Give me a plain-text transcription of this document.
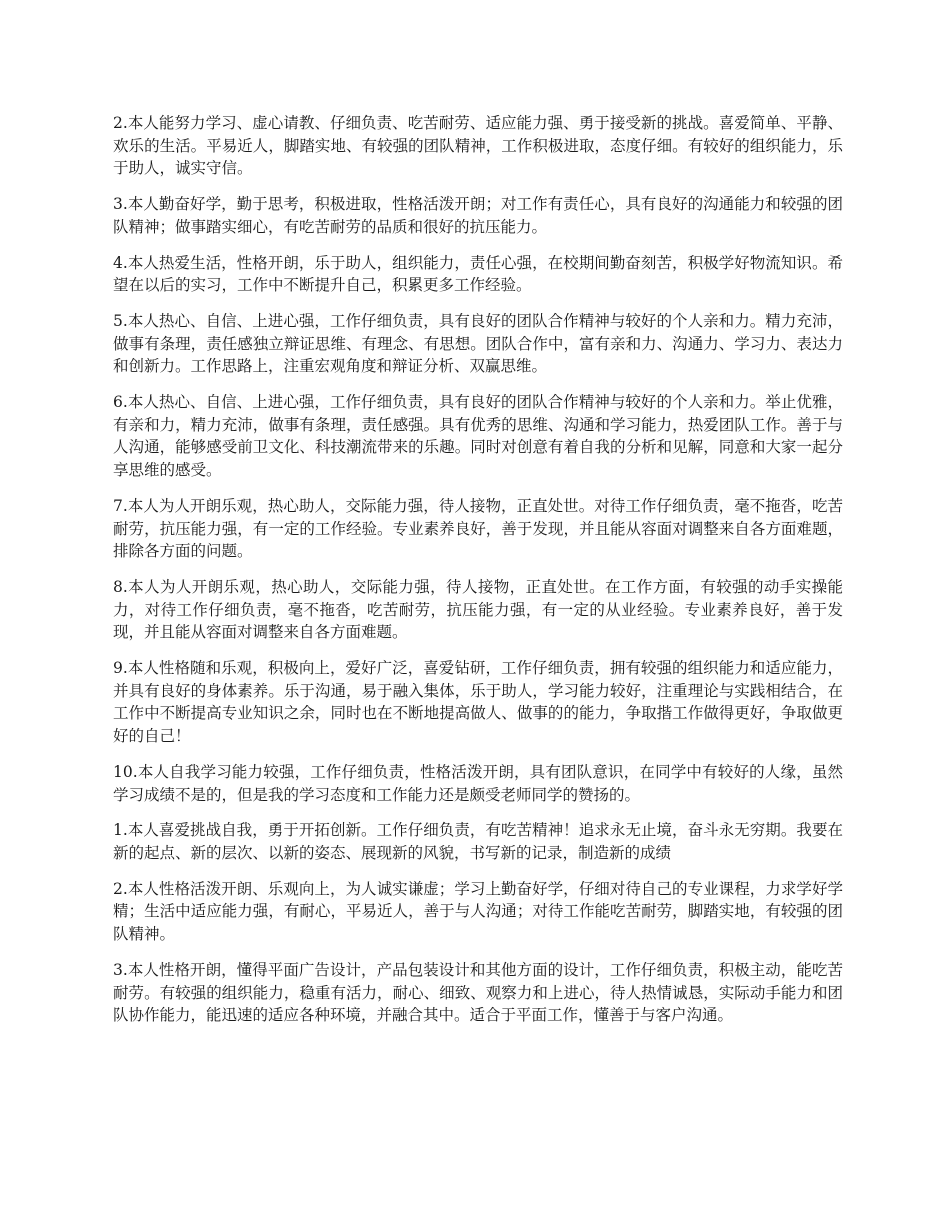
2.本人能努力学习、虚心请教、仔细负责、吃苦耐劳、适应能力强、勇于接受新的挑战。喜爱简单、平静、欢乐的生活。平易近人，脚踏实地、有较强的团队精神，工作积极进取，态度仔细。有较好的组织能力，乐于助人，诚实守信。

3.本人勤奋好学，勤于思考，积极进取，性格活泼开朗；对工作有责任心，具有良好的沟通能力和较强的团队精神；做事踏实细心，有吃苦耐劳的品质和很好的抗压能力。

4.本人热爱生活，性格开朗，乐于助人，组织能力，责任心强，在校期间勤奋刻苦，积极学好物流知识。希望在以后的实习，工作中不断提升自己，积累更多工作经验。

5.本人热心、自信、上进心强，工作仔细负责，具有良好的团队合作精神与较好的个人亲和力。精力充沛，做事有条理，责任感独立辩证思维、有理念、有思想。团队合作中，富有亲和力、沟通力、学习力、表达力和创新力。工作思路上，注重宏观角度和辩证分析、双赢思维。

6.本人热心、自信、上进心强，工作仔细负责，具有良好的团队合作精神与较好的个人亲和力。举止优雅，有亲和力，精力充沛，做事有条理，责任感强。具有优秀的思维、沟通和学习能力，热爱团队工作。善于与人沟通，能够感受前卫文化、科技潮流带来的乐趣。同时对创意有着自我的分析和见解，同意和大家一起分享思维的感受。

7.本人为人开朗乐观，热心助人，交际能力强，待人接物，正直处世。对待工作仔细负责，毫不拖沓，吃苦耐劳，抗压能力强，有一定的工作经验。专业素养良好，善于发现，并且能从容面对调整来自各方面难题，排除各方面的问题。

8.本人为人开朗乐观，热心助人，交际能力强，待人接物，正直处世。在工作方面，有较强的动手实操能力，对待工作仔细负责，毫不拖沓，吃苦耐劳，抗压能力强，有一定的从业经验。专业素养良好，善于发现，并且能从容面对调整来自各方面难题。

9.本人性格随和乐观，积极向上，爱好广泛，喜爱钻研，工作仔细负责，拥有较强的组织能力和适应能力，并具有良好的身体素养。乐于沟通，易于融入集体，乐于助人，学习能力较好，注重理论与实践相结合，在工作中不断提高专业知识之余，同时也在不断地提高做人、做事的的能力，争取揩工作做得更好，争取做更好的自己！

10.本人自我学习能力较强，工作仔细负责，性格活泼开朗，具有团队意识，在同学中有较好的人缘，虽然学习成绩不是的，但是我的学习态度和工作能力还是颇受老师同学的赞扬的。

1.本人喜爱挑战自我，勇于开拓创新。工作仔细负责，有吃苦精神！追求永无止境，奋斗永无穷期。我要在新的起点、新的层次、以新的姿态、展现新的风貌，书写新的记录，制造新的成绩

2.本人性格活泼开朗、乐观向上，为人诚实谦虚；学习上勤奋好学，仔细对待自己的专业课程，力求学好学精；生活中适应能力强，有耐心，平易近人，善于与人沟通；对待工作能吃苦耐劳，脚踏实地，有较强的团队精神。

3.本人性格开朗，懂得平面广告设计，产品包装设计和其他方面的设计，工作仔细负责，积极主动，能吃苦耐劳。有较强的组织能力，稳重有活力，耐心、细致、观察力和上进心，待人热情诚恳，实际动手能力和团队协作能力，能迅速的适应各种环境，并融合其中。适合于平面工作，懂善于与客户沟通。
